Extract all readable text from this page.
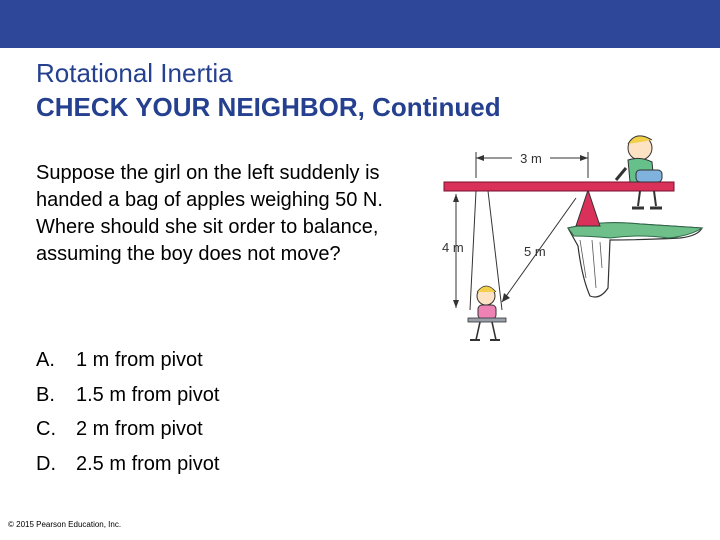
Rotational Inertia
CHECK YOUR NEIGHBOR, Continued
Suppose the girl on the left suddenly is handed a bag of apples weighing 50 N. Where should she sit order to balance, assuming the boy does not move?
A.	1 m from pivot
B.	1.5 m from pivot
C.	2 m from pivot
D.	2.5 m from pivot
3 m
4 m	5 m
© 2015 Pearson Education, Inc.
